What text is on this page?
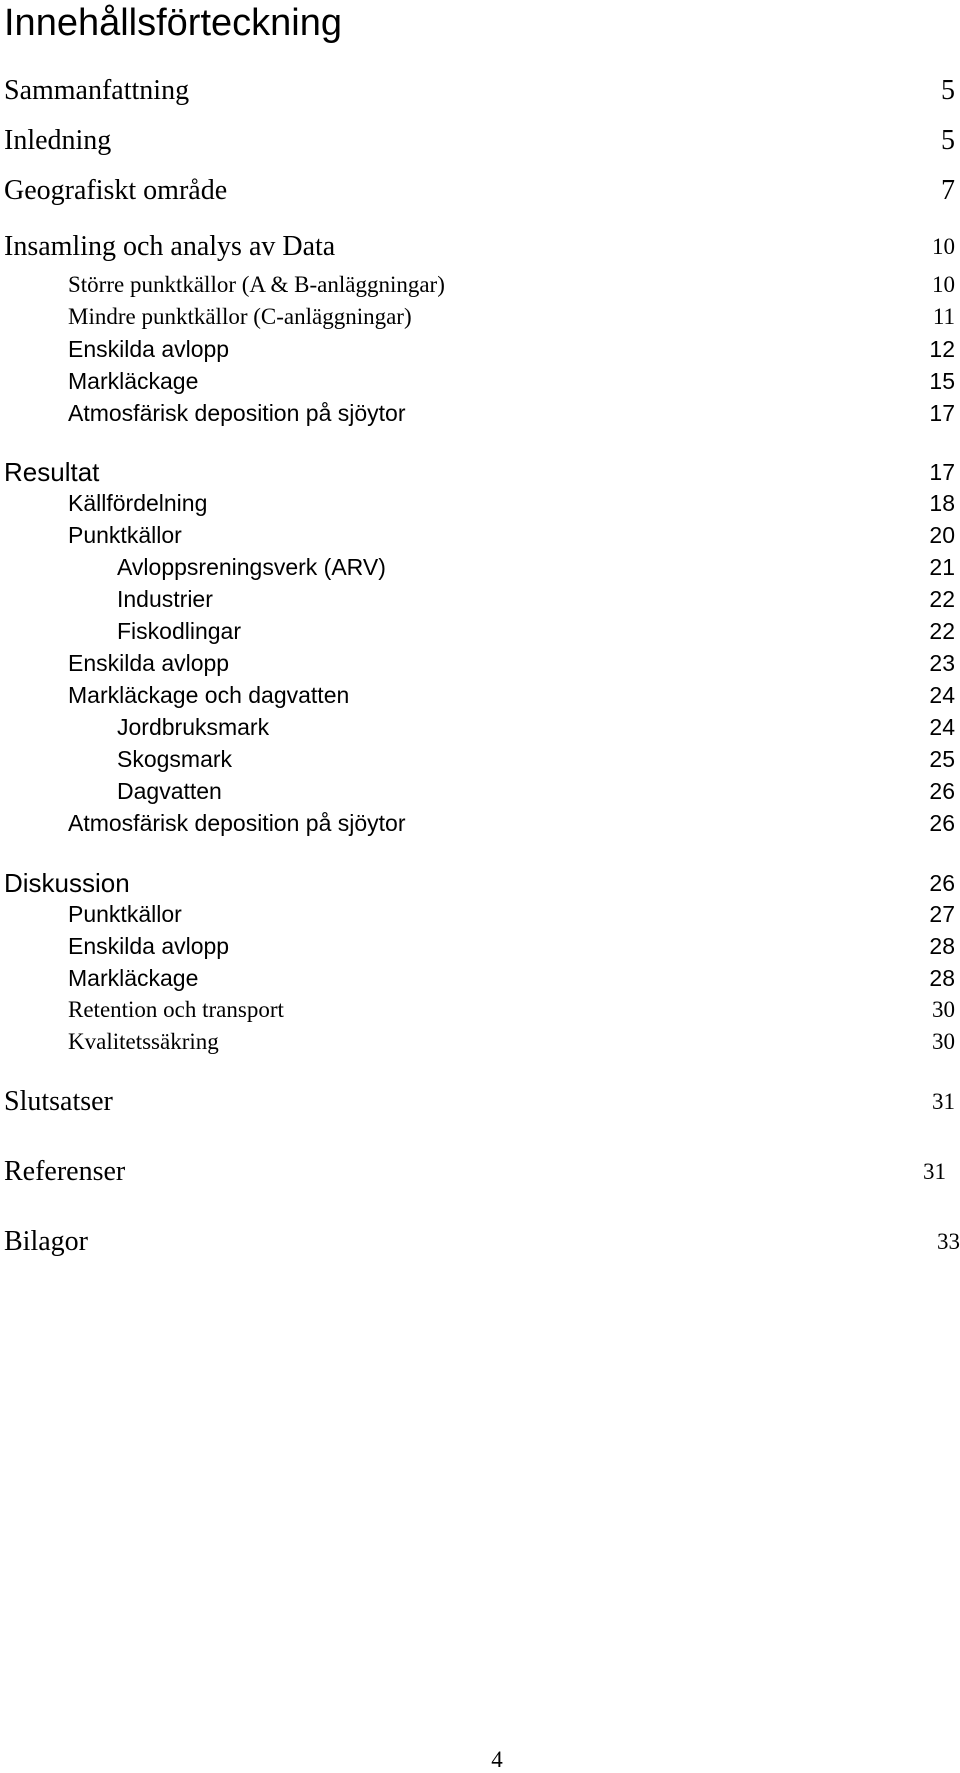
Innehållsförteckning
Sammanfattning	5
Inledning	5
Geografiskt område	7
Insamling och analys av Data	10
Större punktkällor (A & B-anläggningar)	10
Mindre punktkällor (C-anläggningar)	11
Enskilda avlopp	12
Markläckage	15
Atmosfärisk deposition på sjöytor	17
Resultat	17
Källfördelning	18
Punktkällor	20
Avloppsreningsverk (ARV)	21
Industrier	22
Fiskodlingar	22
Enskilda avlopp	23
Markläckage och dagvatten	24
Jordbruksmark	24
Skogsmark	25
Dagvatten	26
Atmosfärisk deposition på sjöytor	26
Diskussion	26
Punktkällor	27
Enskilda avlopp	28
Markläckage	28
Retention och transport	30
Kvalitetssäkring	30
Slutsatser	31
Referenser	31
Bilagor	33
4
